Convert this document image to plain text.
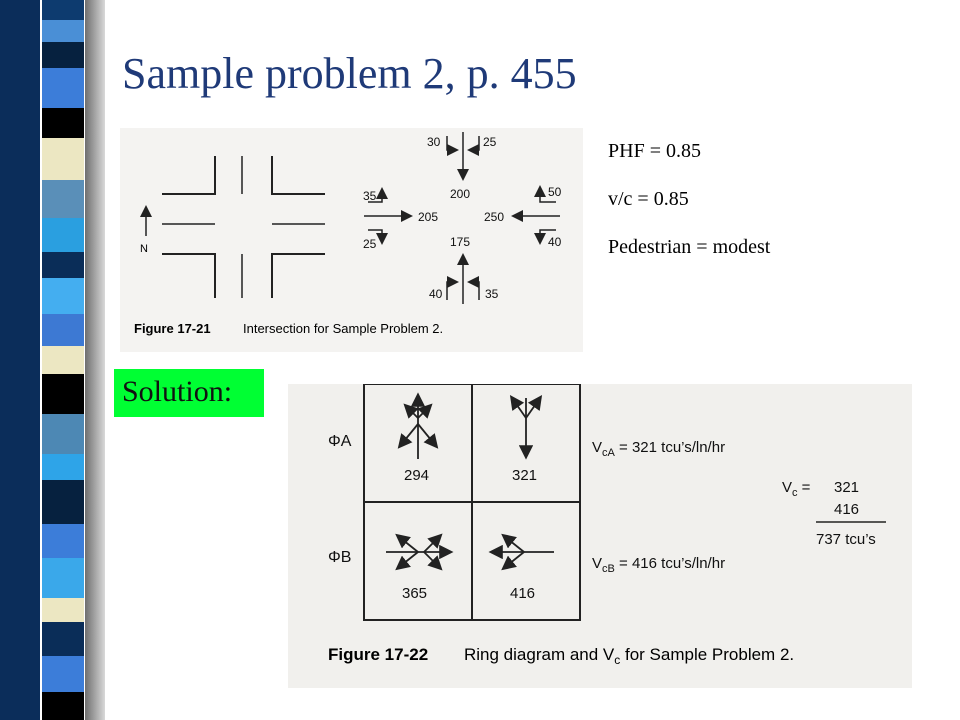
Sample problem 2, p. 455
N
30	25
200
35
205
25
50
250
40
175
40	35
Figure 17-21 Intersection for Sample Problem 2.
PHF = 0.85
v/c = 0.85
Pedestrian = modest
Solution:
ΦA
ΦB
294	321
365	416
$V_{cA} = 321$ tcu’s/ln/hr
$V_{cB} = 416$ tcu’s/ln/hr
$V_c = 321$
416
737 tcu’s
Figure 17-22 Ring diagram and $V_c$ for Sample Problem 2.
